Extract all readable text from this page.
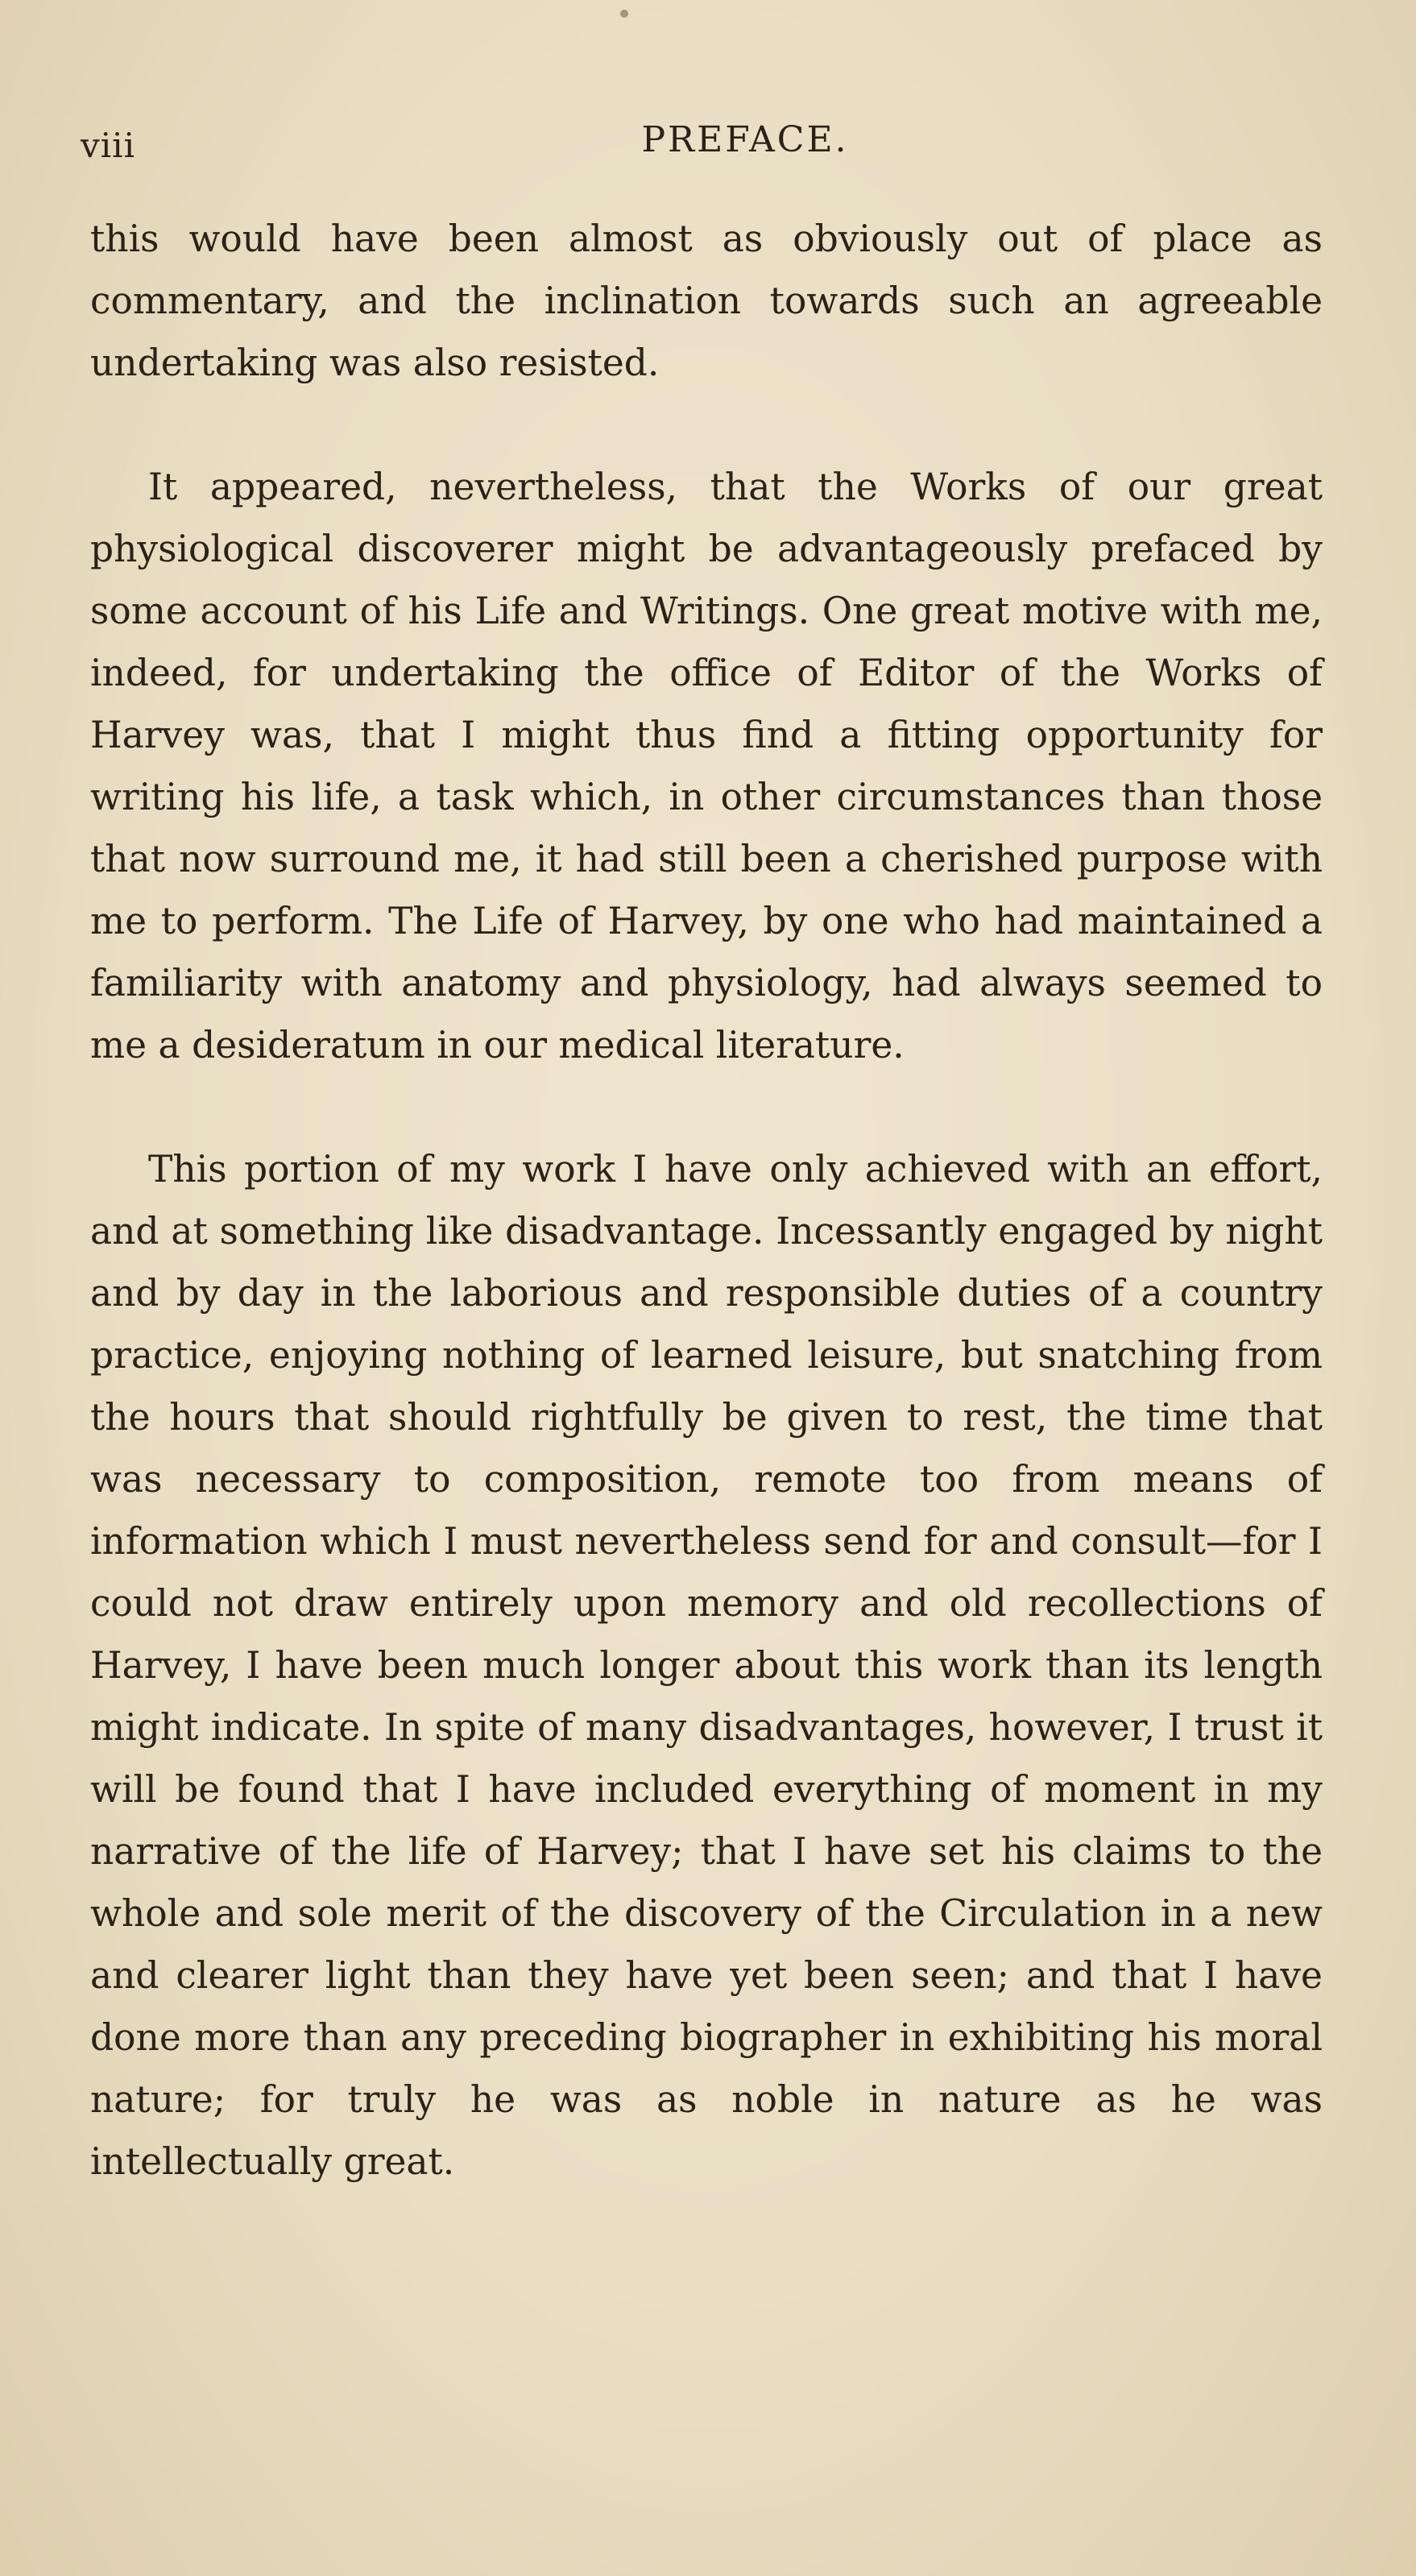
viii	PREFACE.

this would have been almost as obviously out of place as commentary, and the inclination towards such an agreeable undertaking was also resisted.

It appeared, nevertheless, that the Works of our great physiological discoverer might be advantageously prefaced by some account of his Life and Writings. One great motive with me, indeed, for undertaking the office of Editor of the Works of Harvey was, that I might thus find a fitting opportunity for writing his life, a task which, in other circumstances than those that now surround me, it had still been a cherished purpose with me to perform. The Life of Harvey, by one who had maintained a familiarity with anatomy and physiology, had always seemed to me a desideratum in our medical literature.

This portion of my work I have only achieved with an effort, and at something like disadvantage. Incessantly engaged by night and by day in the laborious and responsible duties of a country practice, enjoying nothing of learned leisure, but snatching from the hours that should rightfully be given to rest, the time that was necessary to composition, remote too from means of information which I must nevertheless send for and consult—for I could not draw entirely upon memory and old recollections of Harvey, I have been much longer about this work than its length might indicate. In spite of many disadvantages, however, I trust it will be found that I have included everything of moment in my narrative of the life of Harvey; that I have set his claims to the whole and sole merit of the discovery of the Circulation in a new and clearer light than they have yet been seen; and that I have done more than any preceding biographer in exhibiting his moral nature; for truly he was as noble in nature as he was intellectually great.
